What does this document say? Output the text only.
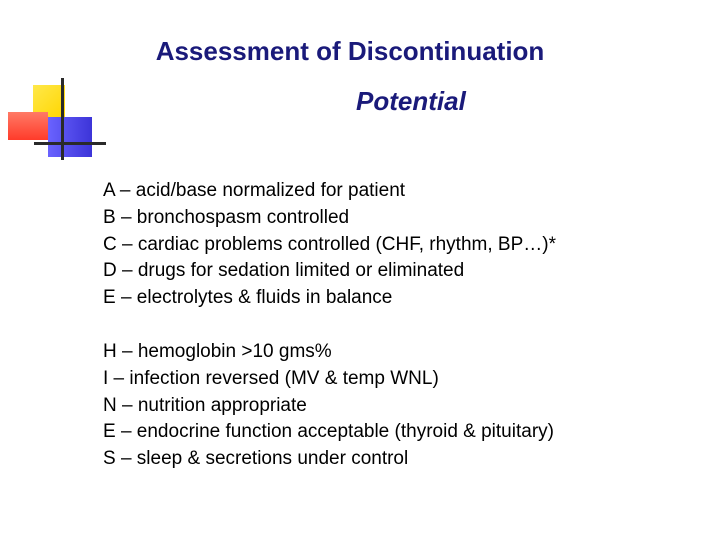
Assessment of Discontinuation
Potential
A – acid/base normalized for patient
B – bronchospasm controlled
C – cardiac problems controlled (CHF, rhythm, BP…)*
D – drugs for sedation limited or eliminated
E – electrolytes & fluids in balance
H – hemoglobin >10 gms%
I – infection reversed (MV & temp WNL)
N – nutrition appropriate
E – endocrine function acceptable (thyroid & pituitary)
S – sleep & secretions under control
